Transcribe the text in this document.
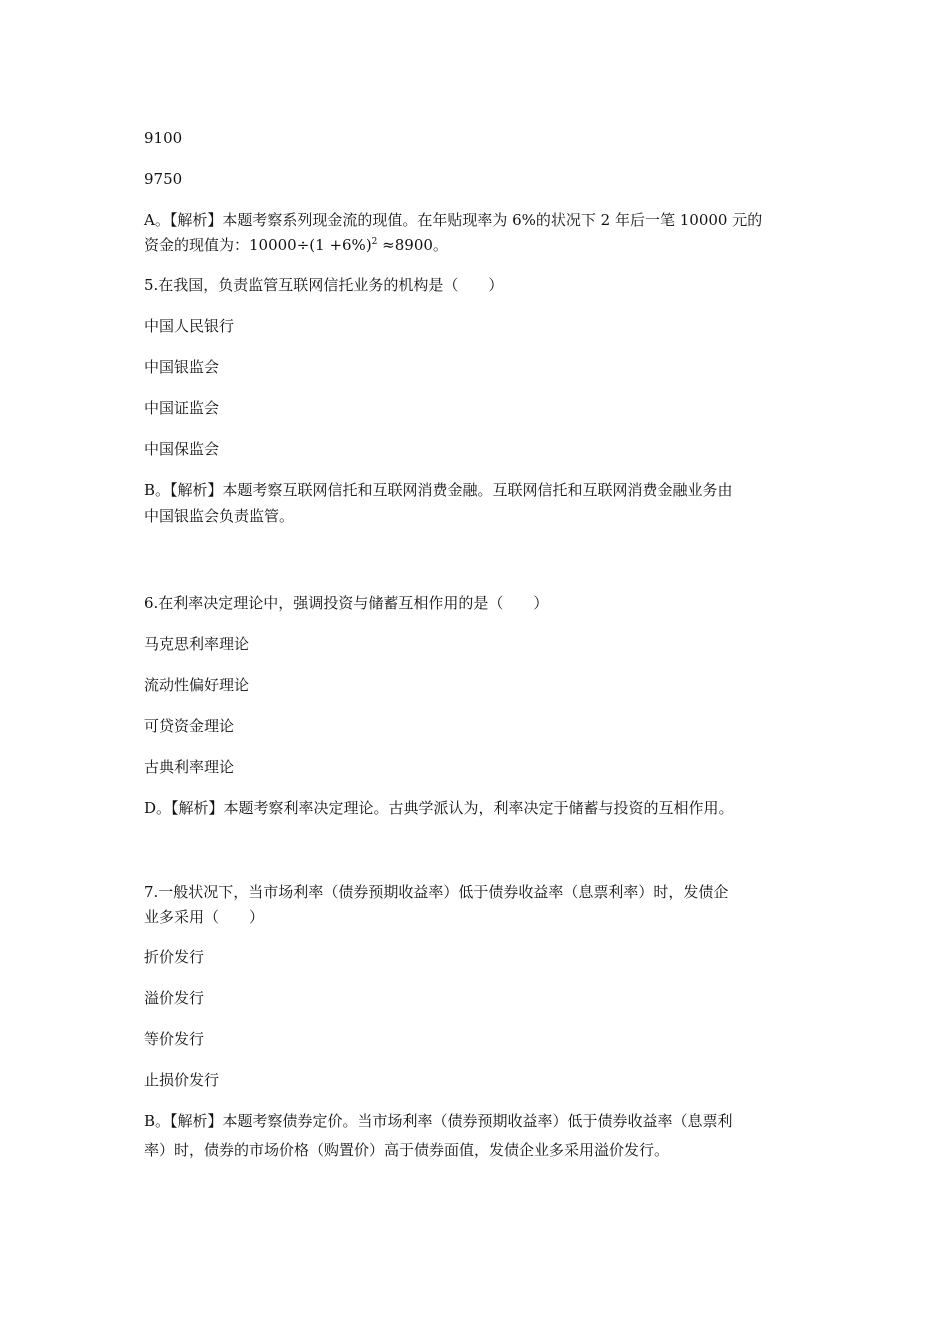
9100
9750
A。【解析】本题考察系列现金流的现值。在年贴现率为 6%的状况下 2 年后一笔 10000 元的
资金的现值为：$10000\div(1 +6\%)^2 \approx 8900$。
5.在我国，负责监管互联网信托业务的机构是（　　）
中国人民银行
中国银监会
中国证监会
中国保监会
B。【解析】本题考察互联网信托和互联网消费金融。互联网信托和互联网消费金融业务由
中国银监会负责监管。
6.在利率决定理论中，强调投资与储蓄互相作用的是（　　）
马克思利率理论
流动性偏好理论
可贷资金理论
古典利率理论
D。【解析】本题考察利率决定理论。古典学派认为，利率决定于储蓄与投资的互相作用。
7.一般状况下，当市场利率（债券预期收益率）低于债券收益率（息票利率）时，发债企
业多采用（　　）
折价发行
溢价发行
等价发行
止损价发行
B。【解析】本题考察债券定价。当市场利率（债券预期收益率）低于债券收益率（息票利
率）时，债券的市场价格（购置价）高于债券面值，发债企业多采用溢价发行。
